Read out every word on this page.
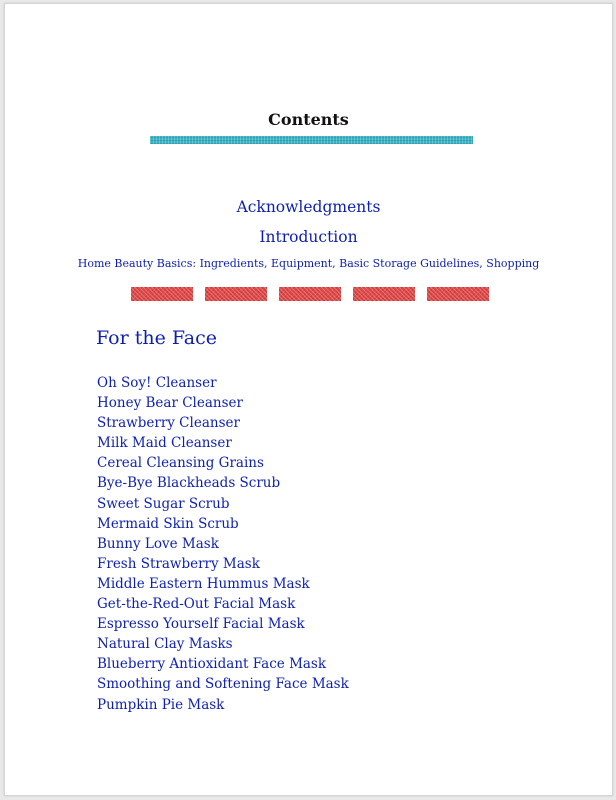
Contents

Acknowledgments

Introduction

Home Beauty Basics: Ingredients, Equipment, Basic Storage Guidelines, Shopping

For the Face
Oh Soy! Cleanser
Honey Bear Cleanser
Strawberry Cleanser
Milk Maid Cleanser
Cereal Cleansing Grains
Bye-Bye Blackheads Scrub
Sweet Sugar Scrub
Mermaid Skin Scrub
Bunny Love Mask
Fresh Strawberry Mask
Middle Eastern Hummus Mask
Get-the-Red-Out Facial Mask
Espresso Yourself Facial Mask
Natural Clay Masks
Blueberry Antioxidant Face Mask
Smoothing and Softening Face Mask
Pumpkin Pie Mask
